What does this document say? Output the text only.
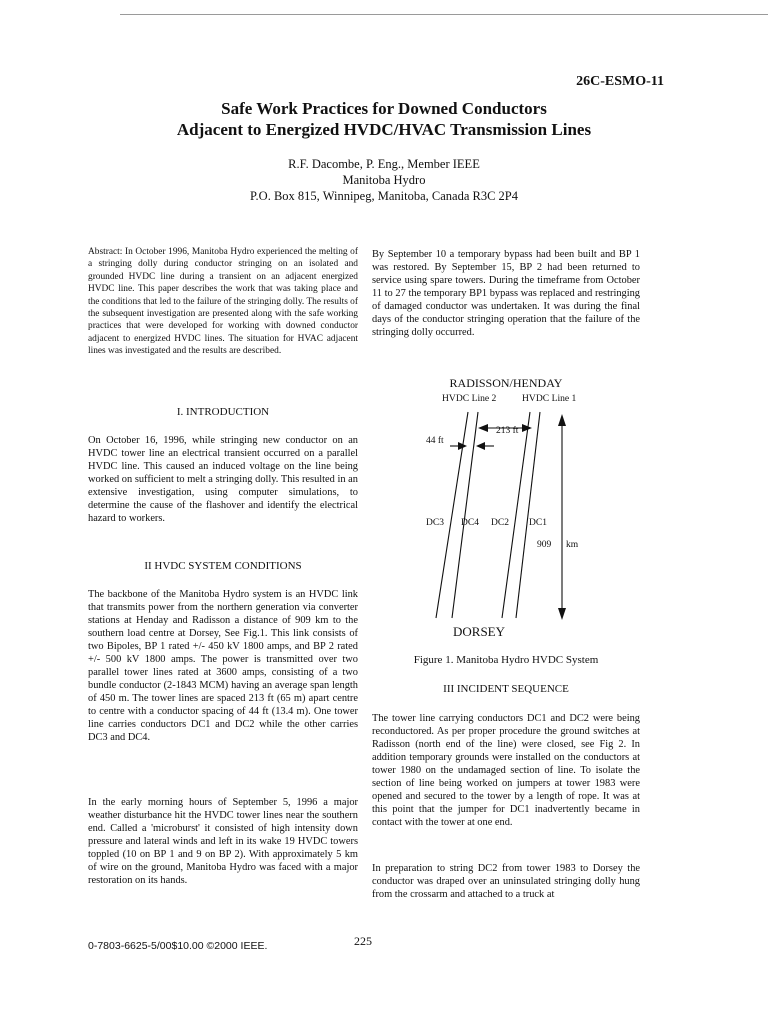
26C-ESMO-11
Safe Work Practices for Downed Conductors
Adjacent to Energized HVDC/HVAC Transmission Lines
R.F. Dacombe, P. Eng., Member IEEE
Manitoba Hydro
P.O. Box 815, Winnipeg, Manitoba, Canada R3C 2P4
Abstract: In October 1996, Manitoba Hydro experienced the melting of a stringing dolly during conductor stringing on an isolated and grounded HVDC line during a transient on an adjacent energized HVDC line. This paper describes the work that was taking place and the conditions that led to the failure of the stringing dolly. The results of the subsequent investigation are presented along with the safe working practices that were developed for working with downed conductor adjacent to energized HVDC lines. The situation for HVAC adjacent lines was investigated and the results are described.
I. INTRODUCTION

On October 16, 1996, while stringing new conductor on an HVDC tower line an electrical transient occurred on a parallel HVDC line. This caused an induced voltage on the line being worked on sufficient to melt a stringing dolly. This resulted in an extensive investigation, using computer simulations, to determine the cause of the flashover and identify the electrical hazard to workers.

II HVDC SYSTEM CONDITIONS

The backbone of the Manitoba Hydro system is an HVDC link that transmits power from the northern generation via converter stations at Henday and Radisson a distance of 909 km to the southern load centre at Dorsey, See Fig.1. This link consists of two Bipoles, BP 1 rated +/- 450 kV 1800 amps, and BP 2 rated +/- 500 kV 1800 amps. The power is transmitted over two parallel tower lines rated at 3600 amps, consisting of a two bundle conductor (2-1843 MCM) having an average span length of 450 m. The tower lines are spaced 213 ft (65 m) apart centre to centre with a conductor spacing of 44 ft (13.4 m). One tower line carries conductors DC1 and DC2 while the other carries DC3 and DC4.

In the early morning hours of September 5, 1996 a major weather disturbance hit the HVDC tower lines near the southern end. Called a 'microburst' it consisted of high intensity down pressure and lateral winds and left in its wake 19 HVDC towers toppled (10 on BP 1 and 9 on BP 2). With approximately 5 km of wire on the ground, Manitoba Hydro was faced with a major restoration on its hands.

By September 10 a temporary bypass had been built and BP 1 was restored. By September 15, BP 2 had been returned to service using spare towers. During the timeframe from October 11 to 27 the temporary BP1 bypass was replaced and restringing of damaged conductor was undertaken. It was during the final days of the conductor stringing operation that the failure of the stringing dolly occurred.

RADISSON/HENDAY
HVDC Line 2	HVDC Line 1
44 ft
213 ft
DC3 DC4 DC2 DC1
909 km
DORSEY
Figure 1. Manitoba Hydro HVDC System
III INCIDENT SEQUENCE

The tower line carrying conductors DC1 and DC2 were being reconductored. As per proper procedure the ground switches at Radisson (north end of the line) were closed, see Fig 2. In addition temporary grounds were installed on the conductors at tower 1980 on the undamaged section of line. To isolate the section of line being worked on jumpers at tower 1983 were opened and secured to the tower by a length of rope. It was at this point that the jumper for DC1 inadvertently became in contact with the tower at one end.

In preparation to string DC2 from tower 1983 to Dorsey the conductor was draped over an uninsulated stringing dolly hung from the crossarm and attached to a truck at

0-7803-6625-5/00$10.00 ©2000 IEEE.	225
